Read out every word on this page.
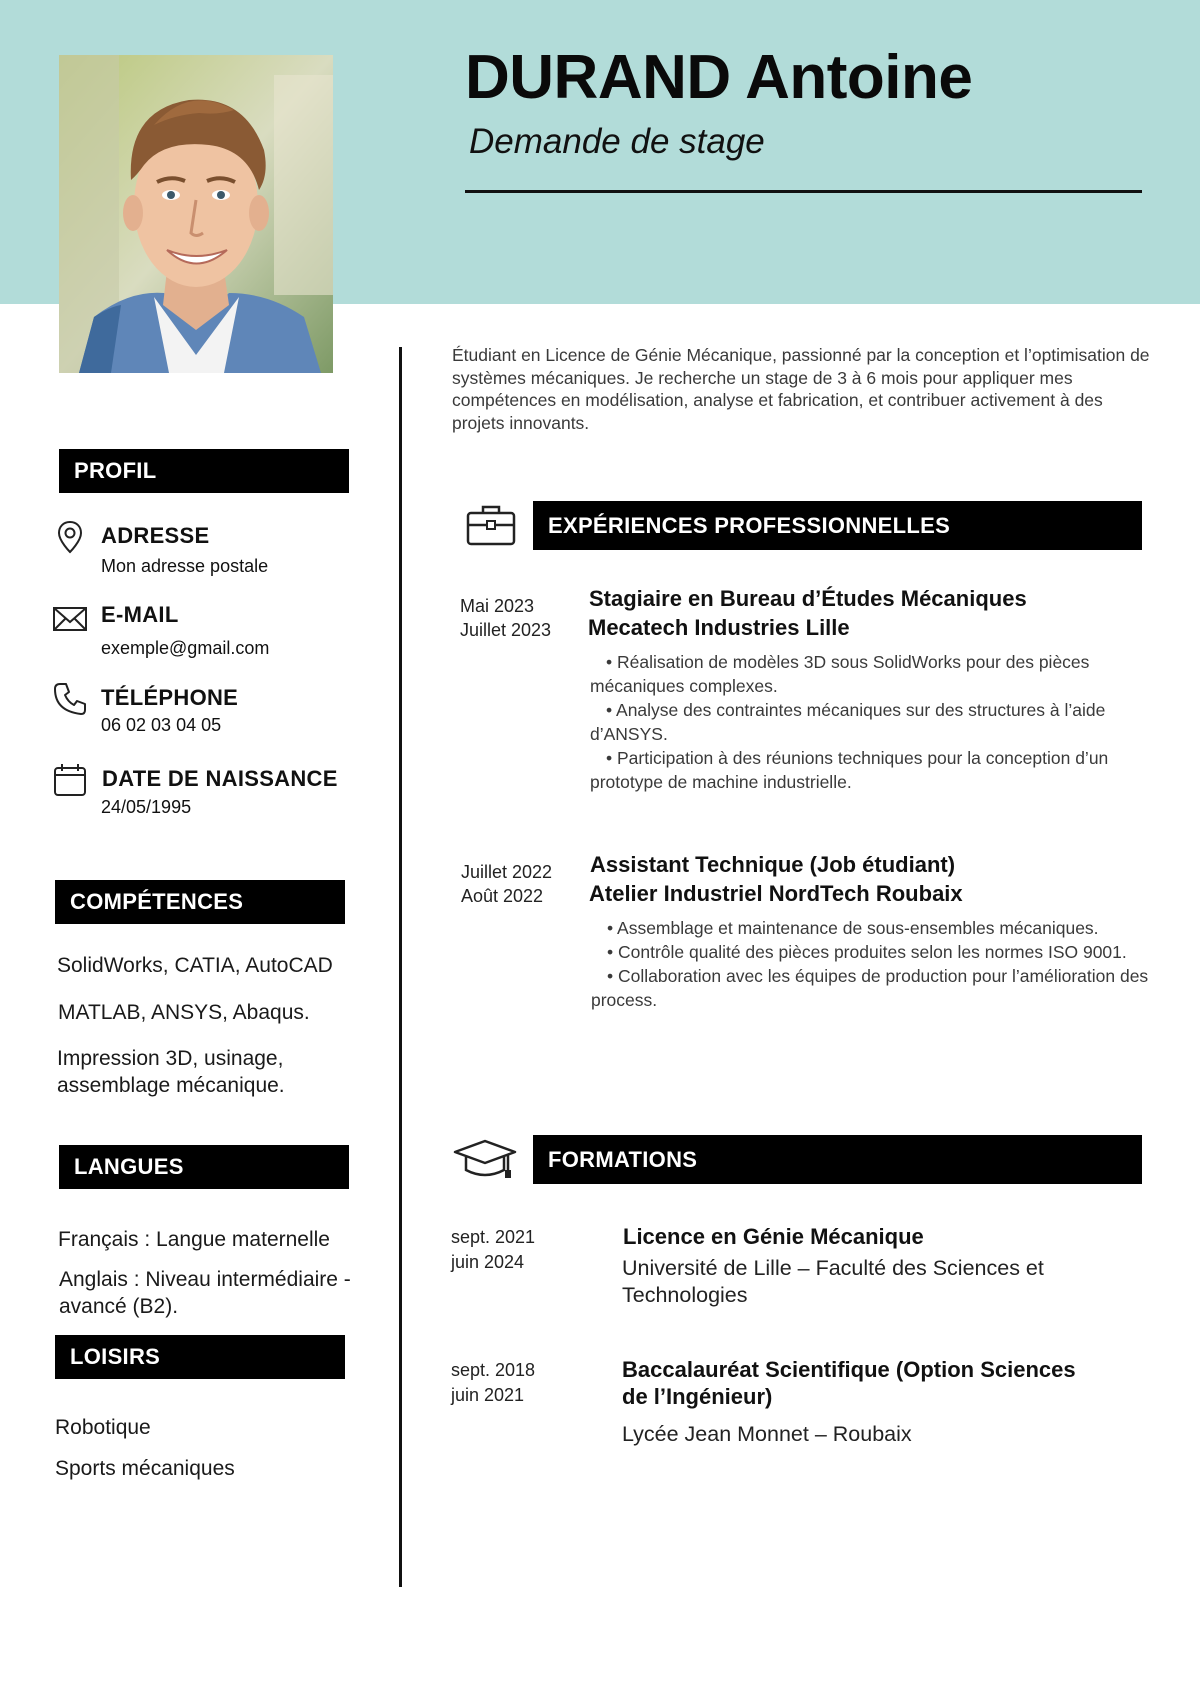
DURAND Antoine
Demande de stage
PROFIL
ADRESSE
Mon adresse postale
E-MAIL
exemple@gmail.com
TÉLÉPHONE
06 02 03 04 05
DATE DE NAISSANCE
24/05/1995
COMPÉTENCES
SolidWorks, CATIA, AutoCAD
MATLAB, ANSYS, Abaqus.
Impression 3D, usinage, assemblage mécanique.
LANGUES
Français : Langue maternelle
Anglais : Niveau intermédiaire -avancé (B2).
LOISIRS
Robotique
Sports mécaniques
Étudiant en Licence de Génie Mécanique, passionné par la conception et l’optimisation de systèmes mécaniques. Je recherche un stage de 3 à 6 mois pour appliquer mes compétences en modélisation, analyse et fabrication, et contribuer activement à des projets innovants.
EXPÉRIENCES PROFESSIONNELLES
Mai 2023
Juillet 2023
Stagiaire en Bureau d’Études Mécaniques
Mecatech Industries Lille
• Réalisation de modèles 3D sous SolidWorks pour des pièces mécaniques complexes.
• Analyse des contraintes mécaniques sur des structures à l’aide d’ANSYS.
• Participation à des réunions techniques pour la conception d’un prototype de machine industrielle.
Juillet 2022
Août 2022
Assistant Technique (Job étudiant)
Atelier Industriel NordTech Roubaix
• Assemblage et maintenance de sous-ensembles mécaniques.
• Contrôle qualité des pièces produites selon les normes ISO 9001.
• Collaboration avec les équipes de production pour l’amélioration des process.
FORMATIONS
sept. 2021
juin 2024
Licence en Génie Mécanique
Université de Lille – Faculté des Sciences et Technologies
sept. 2018
juin 2021
Baccalauréat Scientifique (Option Sciences de l’Ingénieur)
Lycée Jean Monnet – Roubaix
